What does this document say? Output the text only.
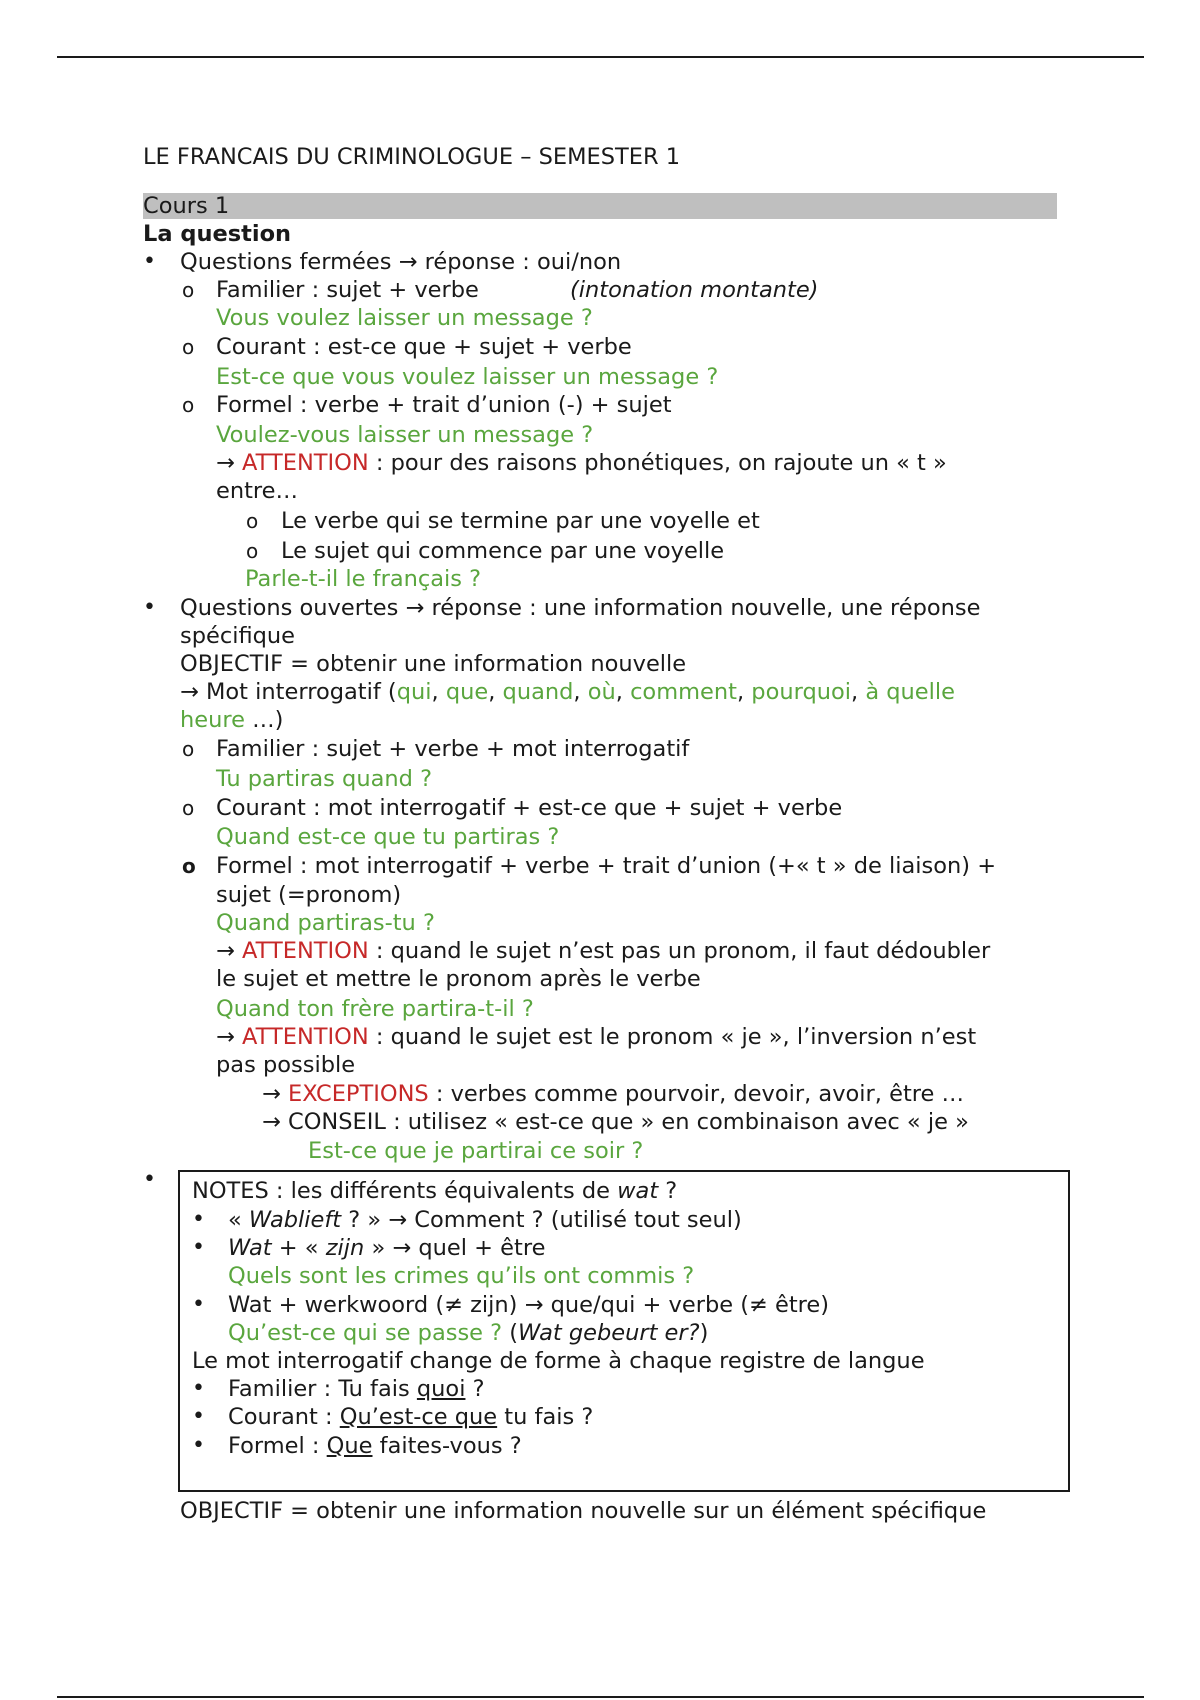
LE FRANCAIS DU CRIMINOLOGUE – SEMESTER 1
Cours 1
La question
• Questions fermées → réponse : oui/non
o Familier : sujet + verbe	(intonation montante)
Vous voulez laisser un message ?
o Courant : est-ce que + sujet + verbe
Est-ce que vous voulez laisser un message ?
o Formel : verbe + trait d’union (-) + sujet
Voulez-vous laisser un message ?
→ ATTENTION : pour des raisons phonétiques, on rajoute un « t »
entre…
o Le verbe qui se termine par une voyelle et
o Le sujet qui commence par une voyelle
Parle-t-il le français ?
• Questions ouvertes → réponse : une information nouvelle, une réponse
spécifique
OBJECTIF = obtenir une information nouvelle
→ Mot interrogatif (qui, que, quand, où, comment, pourquoi, à quelle
heure …)
o Familier : sujet + verbe + mot interrogatif
Tu partiras quand ?
o Courant : mot interrogatif + est-ce que + sujet + verbe
Quand est-ce que tu partiras ?
o Formel : mot interrogatif + verbe + trait d’union (+« t » de liaison) +
sujet (=pronom)
Quand partiras-tu ?
→ ATTENTION : quand le sujet n’est pas un pronom, il faut dédoubler
le sujet et mettre le pronom après le verbe
Quand ton frère partira-t-il ?
→ ATTENTION : quand le sujet est le pronom « je », l’inversion n’est
pas possible
→ EXCEPTIONS : verbes comme pourvoir, devoir, avoir, être …
→ CONSEIL : utilisez « est-ce que » en combinaison avec « je »
Est-ce que je partirai ce soir ?
• NOTES : les différents équivalents de wat ?
• « Wablieft ? » → Comment ? (utilisé tout seul)
• Wat + « zijn » → quel + être
Quels sont les crimes qu’ils ont commis ?
• Wat + werkwoord (≠ zijn) → que/qui + verbe (≠ être)
Qu’est-ce qui se passe ? (Wat gebeurt er?)
Le mot interrogatif change de forme à chaque registre de langue
• Familier : Tu fais quoi ?
• Courant : Qu’est-ce que tu fais ?
• Formel : Que faites-vous ?
OBJECTIF = obtenir une information nouvelle sur un élément spécifique
